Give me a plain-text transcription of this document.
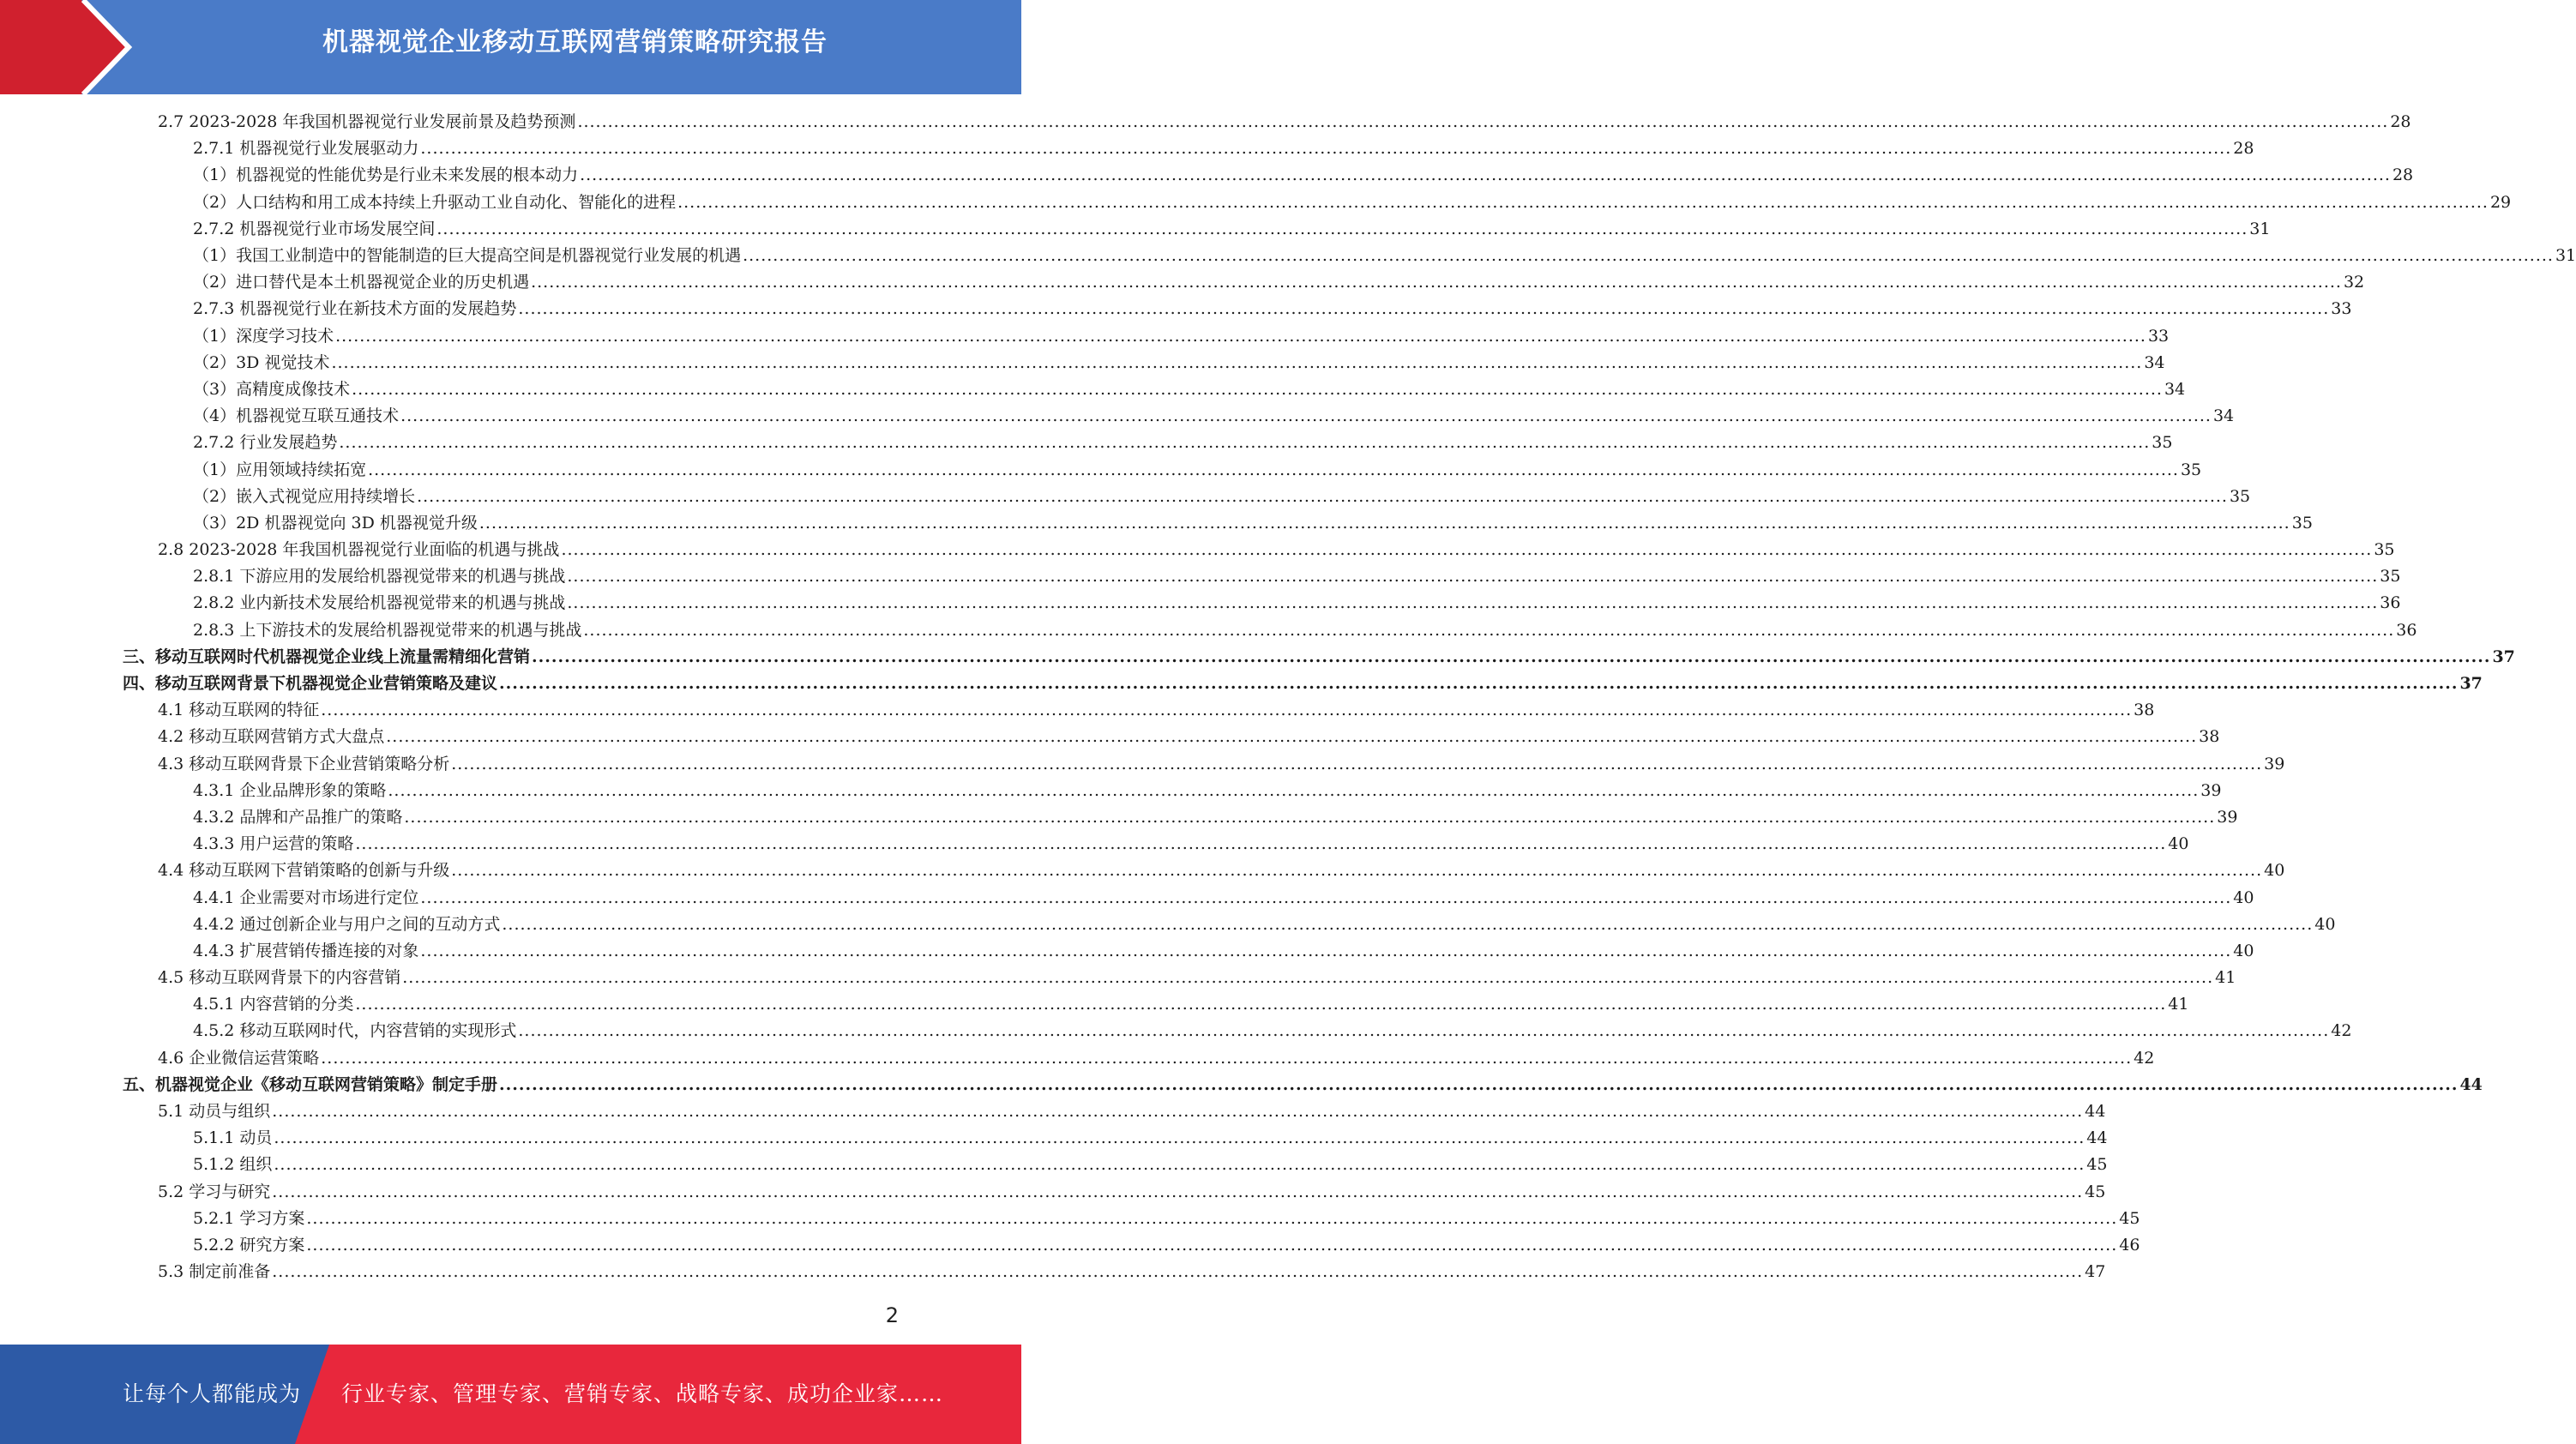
机器视觉企业移动互联网营销策略研究报告
2.7 2023-2028 年我国机器视觉行业发展前景及趋势预测 ............................................................................................................................................................................................................................................................................................................ 28
2.7.1 机器视觉行业发展驱动力 ............................................................................................................................................................................................................................................................................................................ 28
（1）机器视觉的性能优势是行业未来发展的根本动力 ............................................................................................................................................................................................................................................................................................................ 28
（2）人口结构和用工成本持续上升驱动工业自动化、智能化的进程 ............................................................................................................................................................................................................................................................................................................ 29
2.7.2 机器视觉行业市场发展空间 ............................................................................................................................................................................................................................................................................................................ 31
（1）我国工业制造中的智能制造的巨大提高空间是机器视觉行业发展的机遇 ............................................................................................................................................................................................................................................................................................................ 31
（2）进口替代是本土机器视觉企业的历史机遇 ............................................................................................................................................................................................................................................................................................................ 32
2.7.3 机器视觉行业在新技术方面的发展趋势 ............................................................................................................................................................................................................................................................................................................ 33
（1）深度学习技术 ............................................................................................................................................................................................................................................................................................................ 33
（2）3D 视觉技术 ............................................................................................................................................................................................................................................................................................................ 34
（3）高精度成像技术 ............................................................................................................................................................................................................................................................................................................ 34
（4）机器视觉互联互通技术 ............................................................................................................................................................................................................................................................................................................ 34
2.7.2 行业发展趋势 ............................................................................................................................................................................................................................................................................................................ 35
（1）应用领域持续拓宽 ............................................................................................................................................................................................................................................................................................................ 35
（2）嵌入式视觉应用持续增长 ............................................................................................................................................................................................................................................................................................................ 35
（3）2D 机器视觉向 3D 机器视觉升级 ............................................................................................................................................................................................................................................................................................................ 35
2.8 2023-2028 年我国机器视觉行业面临的机遇与挑战 ............................................................................................................................................................................................................................................................................................................ 35
2.8.1 下游应用的发展给机器视觉带来的机遇与挑战 ............................................................................................................................................................................................................................................................................................................ 35
2.8.2 业内新技术发展给机器视觉带来的机遇与挑战 ............................................................................................................................................................................................................................................................................................................ 36
2.8.3 上下游技术的发展给机器视觉带来的机遇与挑战 ............................................................................................................................................................................................................................................................................................................ 36
三、移动互联网时代机器视觉企业线上流量需精细化营销 ............................................................................................................................................................................................................................................................................................................ 37
四、移动互联网背景下机器视觉企业营销策略及建议 ............................................................................................................................................................................................................................................................................................................ 37
4.1 移动互联网的特征 ............................................................................................................................................................................................................................................................................................................ 38
4.2 移动互联网营销方式大盘点 ............................................................................................................................................................................................................................................................................................................ 38
4.3 移动互联网背景下企业营销策略分析 ............................................................................................................................................................................................................................................................................................................ 39
4.3.1 企业品牌形象的策略 ............................................................................................................................................................................................................................................................................................................ 39
4.3.2 品牌和产品推广的策略 ............................................................................................................................................................................................................................................................................................................ 39
4.3.3 用户运营的策略 ............................................................................................................................................................................................................................................................................................................ 40
4.4 移动互联网下营销策略的创新与升级 ............................................................................................................................................................................................................................................................................................................ 40
4.4.1 企业需要对市场进行定位 ............................................................................................................................................................................................................................................................................................................ 40
4.4.2 通过创新企业与用户之间的互动方式 ............................................................................................................................................................................................................................................................................................................ 40
4.4.3 扩展营销传播连接的对象 ............................................................................................................................................................................................................................................................................................................ 40
4.5 移动互联网背景下的内容营销 ............................................................................................................................................................................................................................................................................................................ 41
4.5.1 内容营销的分类 ............................................................................................................................................................................................................................................................................................................ 41
4.5.2 移动互联网时代，内容营销的实现形式 ............................................................................................................................................................................................................................................................................................................ 42
4.6 企业微信运营策略 ............................................................................................................................................................................................................................................................................................................ 42
五、机器视觉企业《移动互联网营销策略》制定手册 ............................................................................................................................................................................................................................................................................................................ 44
5.1 动员与组织 ............................................................................................................................................................................................................................................................................................................ 44
5.1.1 动员 ............................................................................................................................................................................................................................................................................................................ 44
5.1.2 组织 ............................................................................................................................................................................................................................................................................................................ 45
5.2 学习与研究 ............................................................................................................................................................................................................................................................................................................ 45
5.2.1 学习方案 ............................................................................................................................................................................................................................................................................................................ 45
5.2.2 研究方案 ............................................................................................................................................................................................................................................................................................................ 46
5.3 制定前准备 ............................................................................................................................................................................................................................................................................................................ 47
2
让每个人都能成为 行业专家、管理专家、营销专家、战略专家、成功企业家……
